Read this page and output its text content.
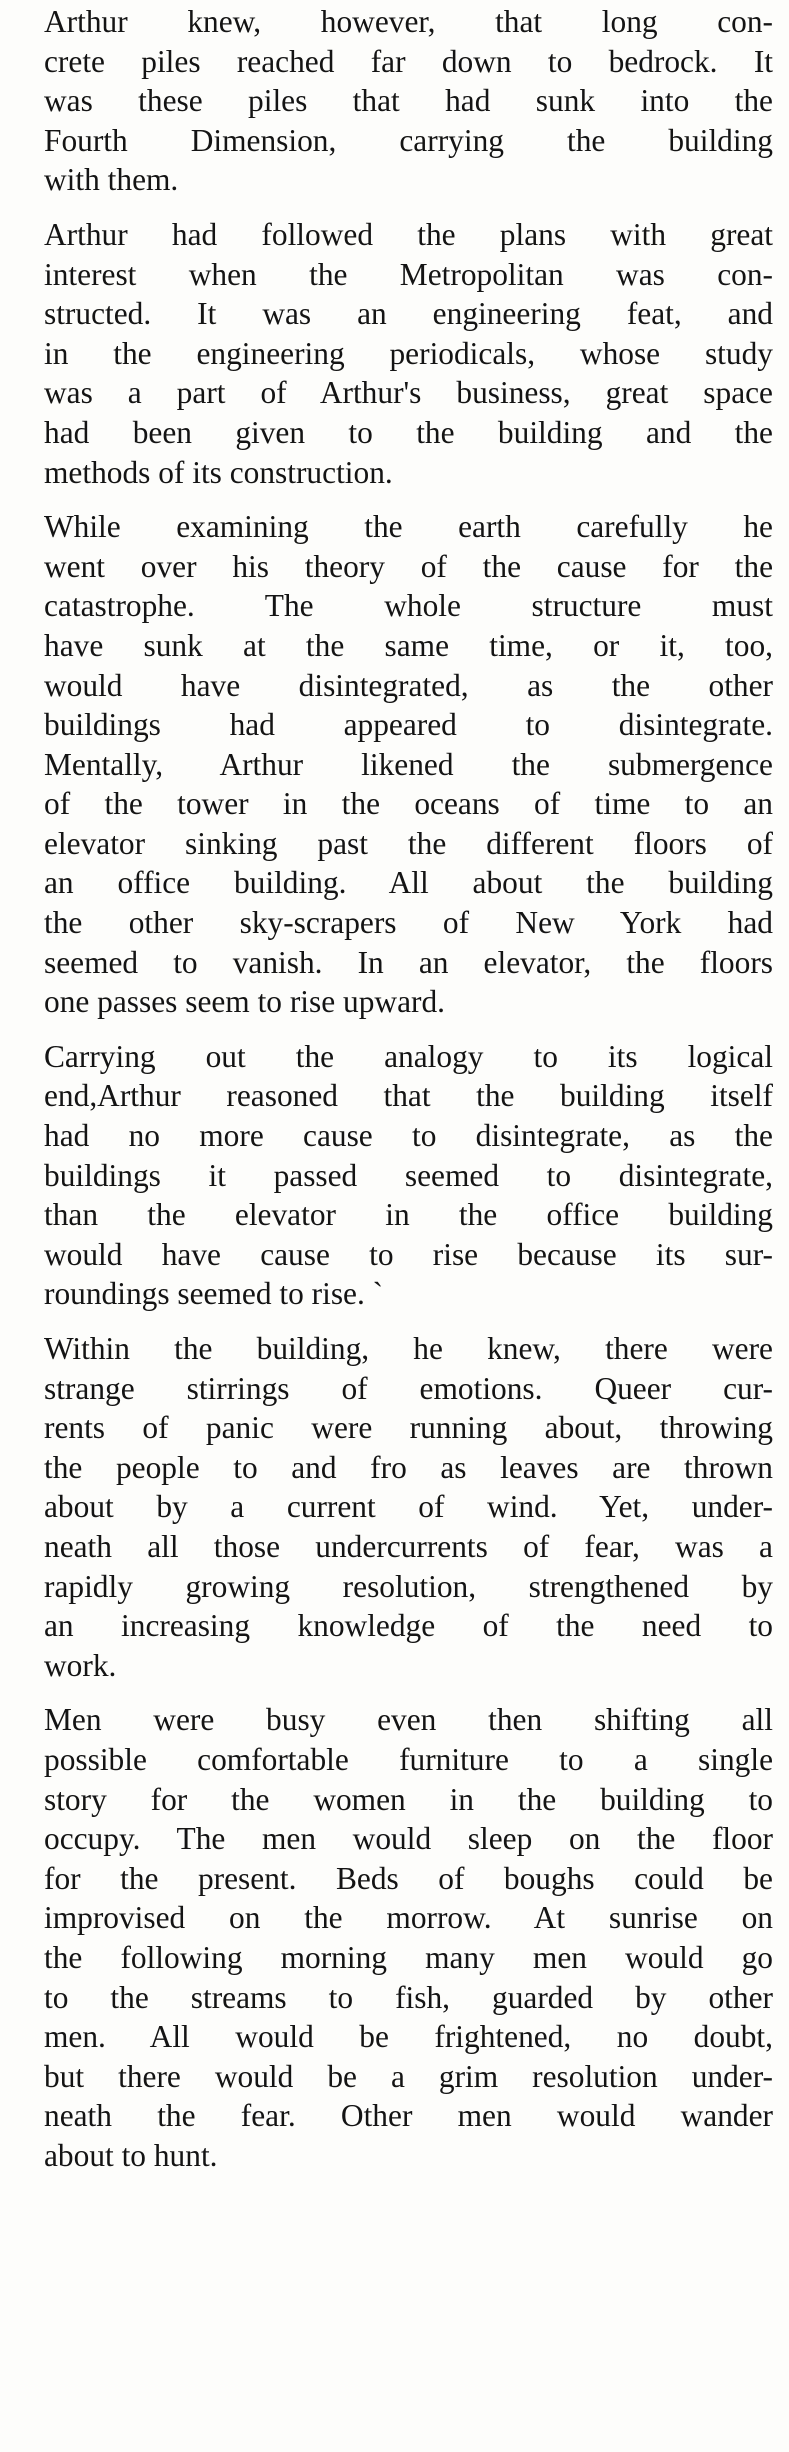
Arthur knew, however, that long con-
crete piles reached far down to bedrock. It
was these piles that had sunk into the
Fourth Dimension, carrying the building
with them.
Arthur had followed the plans with great
interest when the Metropolitan was con-
structed. It was an engineering feat, and
in the engineering periodicals, whose study
was a part of Arthur's business, great space
had been given to the building and the
methods of its construction.
While examining the earth carefully he
went over his theory of the cause for the
catastrophe. The whole structure must
have sunk at the same time, or it, too,
would have disintegrated, as the other
buildings had appeared to disintegrate.
Mentally, Arthur likened the submergence
of the tower in the oceans of time to an
elevator sinking past the different floors of
an office building. All about the building
the other sky-scrapers of New York had
seemed to vanish. In an elevator, the floors
one passes seem to rise upward.
Carrying out the analogy to its logical
end,Arthur reasoned that the building itself
had no more cause to disintegrate, as the
buildings it passed seemed to disintegrate,
than the elevator in the office building
would have cause to rise because its sur-
roundings seemed to rise. `
Within the building, he knew, there were
strange stirrings of emotions. Queer cur-
rents of panic were running about, throwing
the people to and fro as leaves are thrown
about by a current of wind. Yet, under-
neath all those undercurrents of fear, was a
rapidly growing resolution, strengthened by
an increasing knowledge of the need to
work.
Men were busy even then shifting all
possible comfortable furniture to a single
story for the women in the building to
occupy. The men would sleep on the floor
for the present. Beds of boughs could be
improvised on the morrow. At sunrise on
the following morning many men would go
to the streams to fish, guarded by other
men. All would be frightened, no doubt,
but there would be a grim resolution under-
neath the fear. Other men would wander
about to hunt.
